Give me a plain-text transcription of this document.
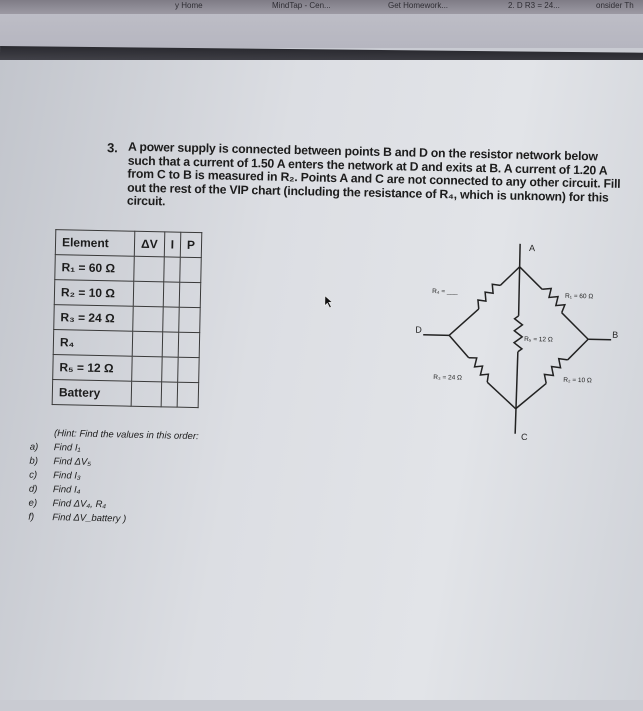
y Home	MindTap - Cen...	Get Homework...	2. D R3 = 24...	onsider Th
3. A power supply is connected between points B and D on the resistor network below such that a current of 1.50 A enters the network at D and exits at B. A current of 1.20 A from C to B is measured in R₂. Points A and C are not connected to any other circuit. Fill out the rest of the VIP chart (including the resistance of R₄, which is unknown) for this circuit.
Element	ΔV	I	P
R₁ = 60 Ω			
R₂ = 10 Ω			
R₃ = 24 Ω			
R₄			
R₅ = 12 Ω			
Battery			
(Hint: Find the values in this order:
a) Find I₁
b) Find ΔV₅
c) Find I₃
d) Find I₄
e) Find ΔV₄, R₄
f) Find ΔV_battery )
A
B
C
D
R₄ = ___
R₁ = 60 Ω
R₅ = 12 Ω
R₃ = 24 Ω	R₂ = 10 Ω
